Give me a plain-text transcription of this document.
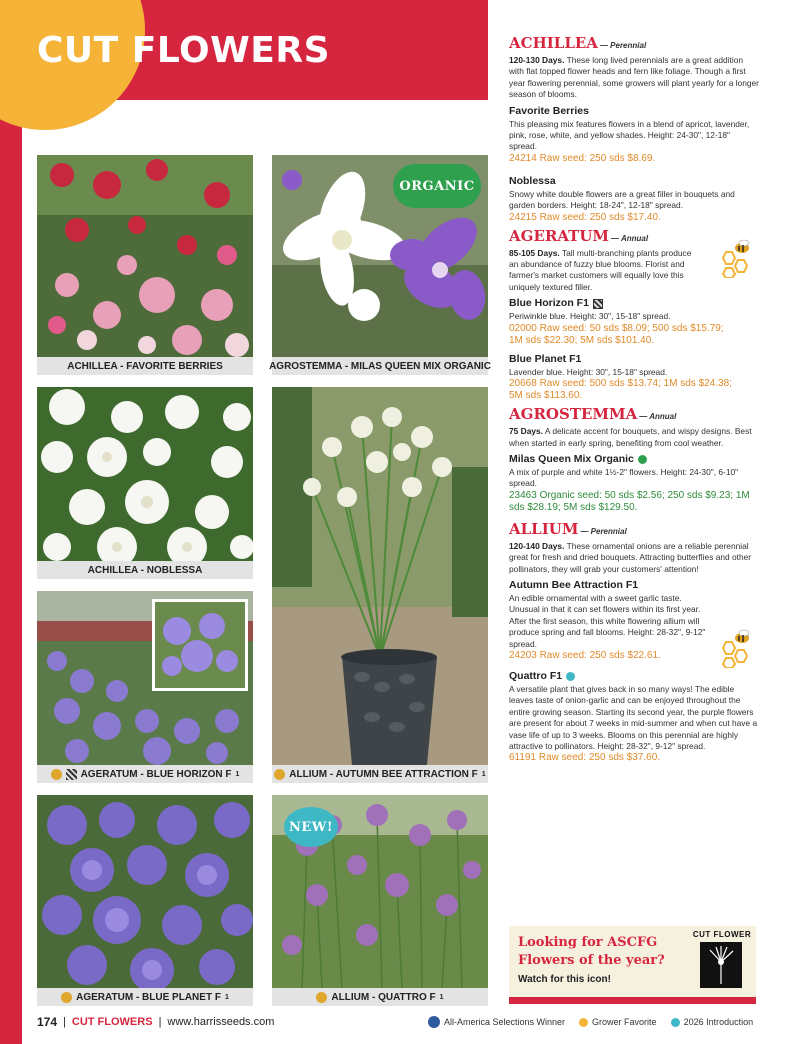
CUT FLOWERS
ACHILLEA - FAVORITE BERRIES
ORGANIC
AGROSTEMMA - MILAS QUEEN MIX ORGANIC
ACHILLEA - NOBLESSA
AGERATUM - BLUE HORIZON F 1	ALLIUM - AUTUMN BEE ATTRACTION F 1
AGERATUM - BLUE PLANET F 1
NEW!
ALLIUM - QUATTRO F 1
ACHILLEA — Perennial
120-130 Days. These long lived perennials are a great addition with flat topped flower heads and fern like foliage. Though a first year flowering perennial, some growers will plant yearly for a longer season of blooms.
Favorite Berries
This pleasing mix features flowers in a blend of apricot, lavender, pink, rose, white, and yellow shades. Height: 24-30", 12-18" spread.
24214 Raw seed: 250 sds $8.69.
Noblessa
Snowy white double flowers are a great filler in bouquets and garden borders. Height: 18-24", 12-18" spread.
24215 Raw seed: 250 sds $17.40.
AGERATUM — Annual
85-105 Days. Tall multi-branching plants produce an abundance of fuzzy blue blooms. Florist and farmer's market customers will equally love this uniquely textured filler.
Blue Horizon F1
Periwinkle blue. Height: 30", 15-18" spread.
02000 Raw seed: 50 sds $8.09; 500 sds $15.79; 1M sds $22.30; 5M sds $101.40.
Blue Planet F1
Lavender blue. Height: 30", 15-18" spread.
20668 Raw seed: 500 sds $13.74; 1M sds $24.38; 5M sds $113.60.
AGROSTEMMA — Annual
75 Days. A delicate accent for bouquets, and wispy designs. Best when started in early spring, benefiting from cool weather.
Milas Queen Mix Organic
A mix of purple and white 1½-2" flowers. Height: 24-30", 6-10" spread.
23463 Organic seed: 50 sds $2.56; 250 sds $9.23; 1M sds $28.19; 5M sds $129.50.
ALLIUM — Perennial
120-140 Days. These ornamental onions are a reliable perennial great for fresh and dried bouquets. Attracting butterflies and other pollinators, they will grab your customers' attention!
Autumn Bee Attraction F1
An edible ornamental with a sweet garlic taste. Unusual in that it can set flowers within its first year. After the first season, this white flowering allium will produce spring and fall blooms. Height: 28-32", 9-12" spread.
24203 Raw seed: 250 sds $22.61.
Quattro F1
A versatile plant that gives back in so many ways! The edible leaves taste of onion-garlic and can be enjoyed throughout the entire growing season. Starting its second year, the purple flowers are present for about 7 weeks in mid-summer and when cut have a vase life of up to 3 weeks. Blooms on this perennial are highly attractive to pollinators. Height: 28-32", 9-12" spread.
61191 Raw seed: 250 sds $37.60.
Looking for ASCFG Flowers of the year?
Watch for this icon!
CUT FLOWER
174 | CUT FLOWERS | www.harrisseeds.com	All-America Selections Winner	Grower Favorite	2026 Introduction
